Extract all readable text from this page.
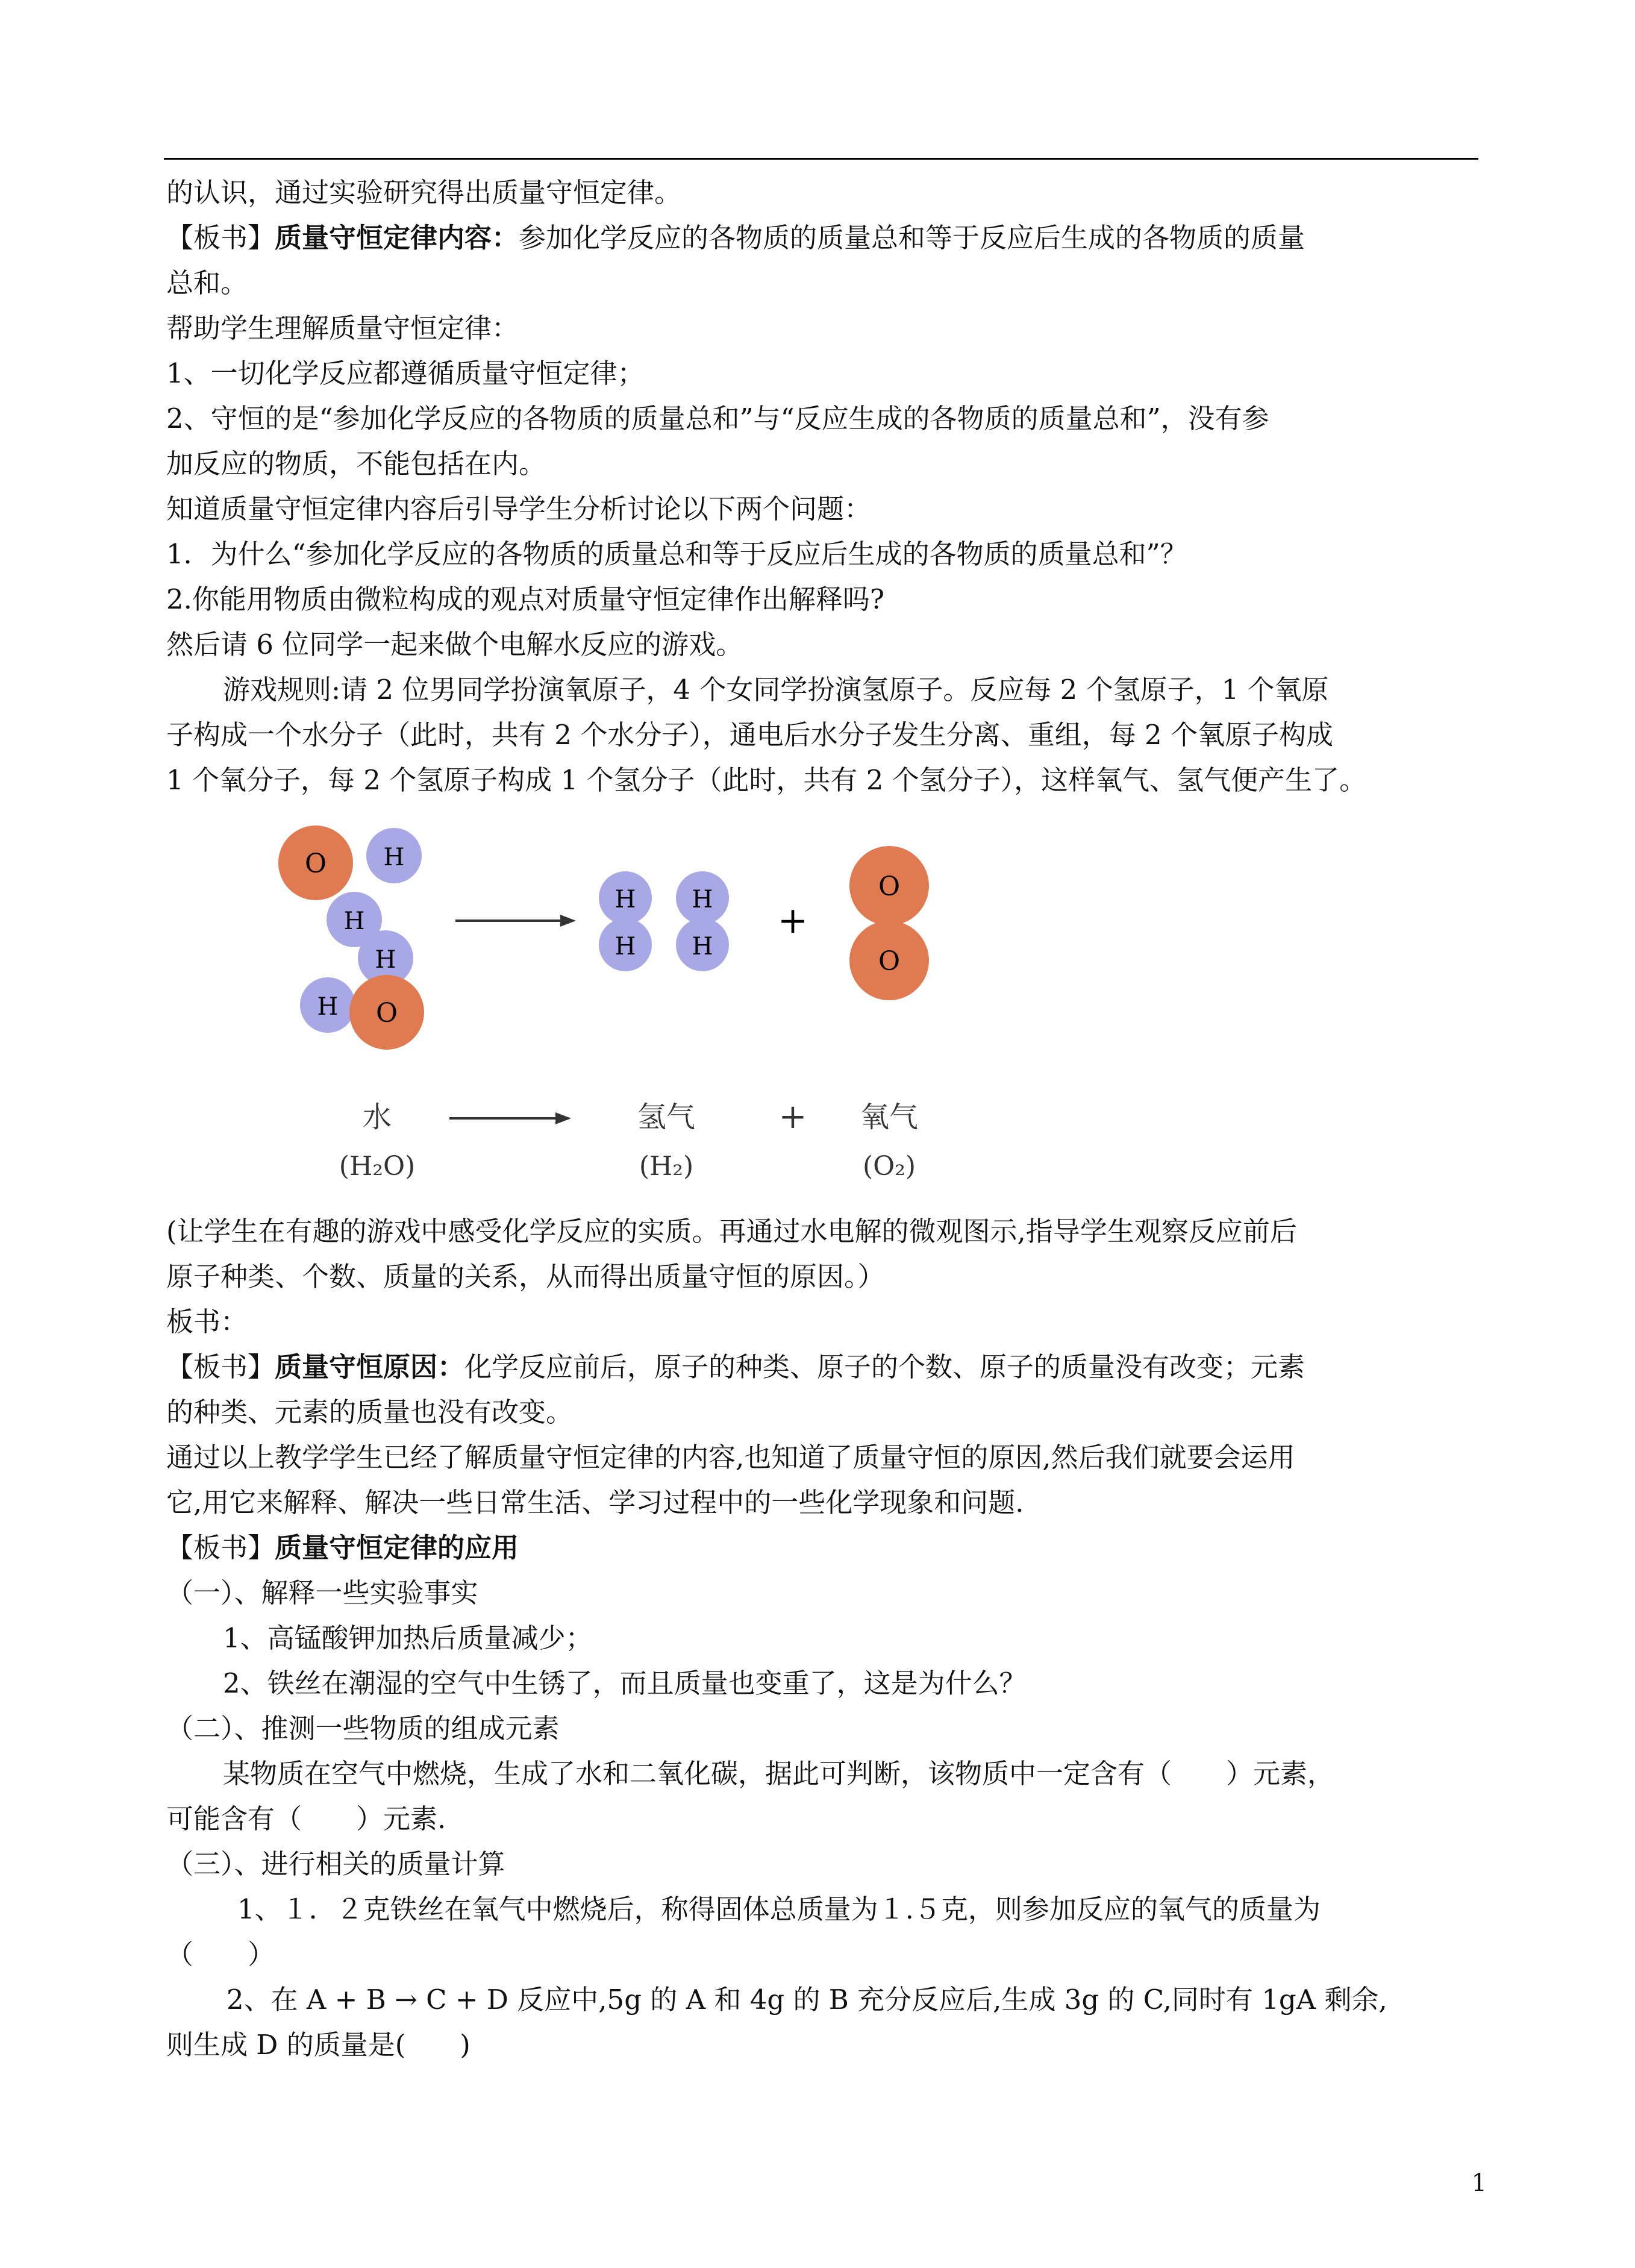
的认识，通过实验研究得出质量守恒定律。
【板书】质量守恒定律内容：参加化学反应的各物质的质量总和等于反应后生成的各物质的质量
总和。
帮助学生理解质量守恒定律：
1、一切化学反应都遵循质量守恒定律；
2、守恒的是“参加化学反应的各物质的质量总和”与“反应生成的各物质的质量总和”，没有参
加反应的物质，不能包括在内。
知道质量守恒定律内容后引导学生分析讨论以下两个问题：
1．为什么“参加化学反应的各物质的质量总和等于反应后生成的各物质的质量总和”？
2.你能用物质由微粒构成的观点对质量守恒定律作出解释吗?
然后请 6 位同学一起来做个电解水反应的游戏。
游戏规则:请 2 位男同学扮演氧原子，4 个女同学扮演氢原子。反应每 2 个氢原子，1 个氧原
子构成一个水分子（此时，共有 2 个水分子），通电后水分子发生分离、重组，每 2 个氧原子构成
1 个氧分子，每 2 个氢原子构成 1 个氢分子（此时，共有 2 个氢分子），这样氧气、氢气便产生了。
O H
H
H
H O
H
H
H
H
+
O
O
水	氢气 + 氧气
(H₂O)	(H₂)	(O₂)
(让学生在有趣的游戏中感受化学反应的实质。再通过水电解的微观图示,指导学生观察反应前后
原子种类、个数、质量的关系，从而得出质量守恒的原因。）
板书：
【板书】质量守恒原因：化学反应前后，原子的种类、原子的个数、原子的质量没有改变；元素
的种类、元素的质量也没有改变。
通过以上教学学生已经了解质量守恒定律的内容,也知道了质量守恒的原因,然后我们就要会运用
它,用它来解释、解决一些日常生活、学习过程中的一些化学现象和问题.
【板书】质量守恒定律的应用
（一）、解释一些实验事实
1、高锰酸钾加热后质量减少；
2、铁丝在潮湿的空气中生锈了，而且质量也变重了，这是为什么？
（二）、推测一些物质的组成元素
某物质在空气中燃烧，生成了水和二氧化碳，据此可判断，该物质中一定含有（　　）元素，
可能含有（　　）元素.
（三）、进行相关的质量计算
1、１．２克铁丝在氧气中燃烧后，称得固体总质量为１.５克，则参加反应的氧气的质量为
（　　）
2、在 A + B → C + D 反应中,5g 的 A 和 4g 的 B 充分反应后,生成 3g 的 C,同时有 1gA 剩余,
则生成 D 的质量是(　　)
1
